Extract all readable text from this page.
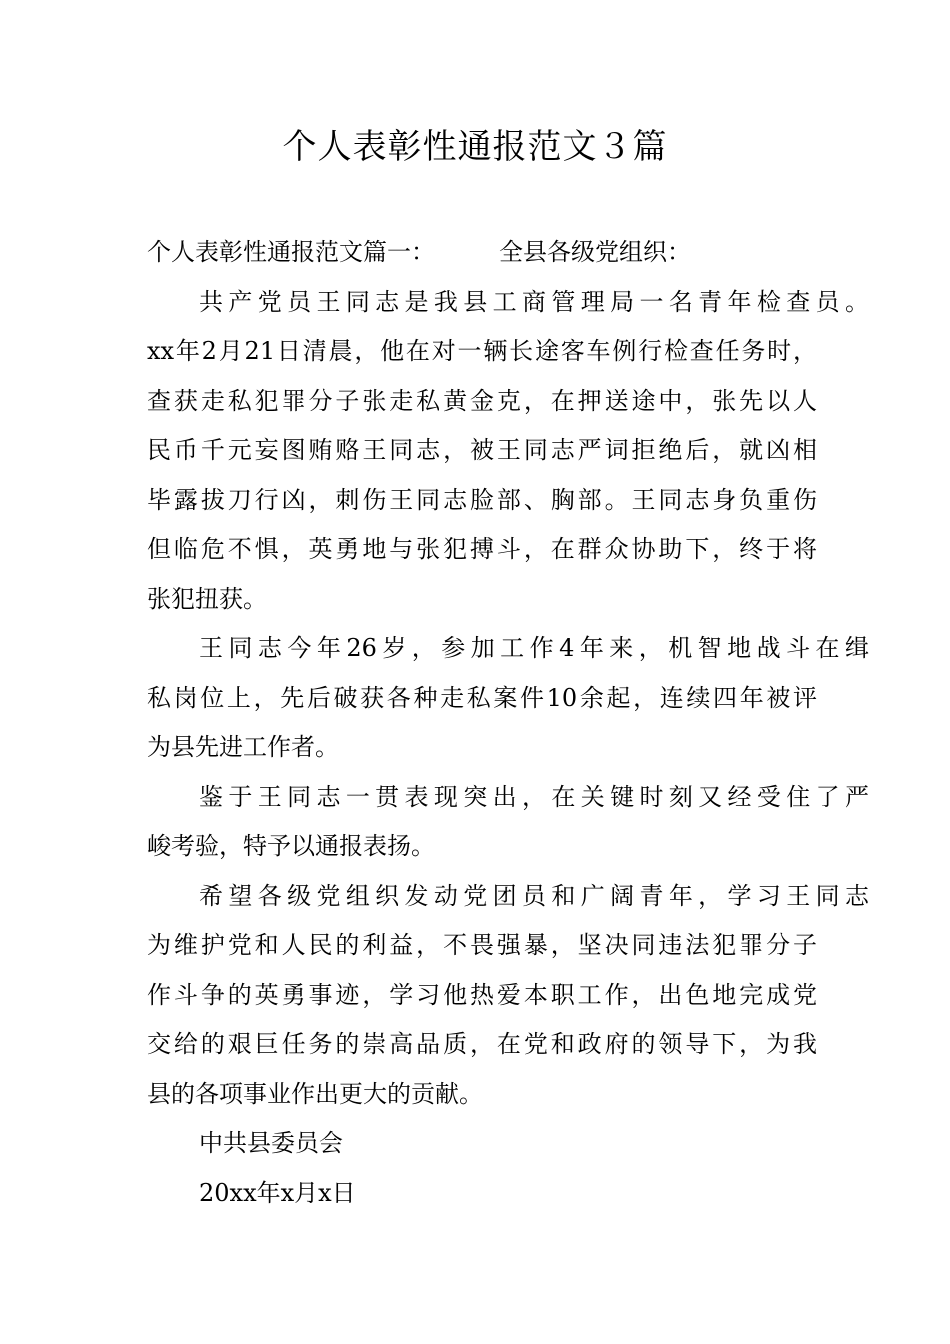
个人表彰性通报范文３篇
个人表彰性通报范文篇一：	全县各级党组织：
共产党员王同志是我县工商管理局一名青年检查员。
xx年2月21日清晨，他在对一辆长途客车例行检查任务时，
查获走私犯罪分子张走私黄金克，在押送途中，张先以人
民币千元妄图贿赂王同志，被王同志严词拒绝后，就凶相
毕露拔刀行凶，刺伤王同志脸部、胸部。王同志身负重伤
但临危不惧，英勇地与张犯搏斗，在群众协助下，终于将
张犯扭获。
王同志今年26岁，参加工作4年来，机智地战斗在缉
私岗位上，先后破获各种走私案件10余起，连续四年被评
为县先进工作者。
鉴于王同志一贯表现突出，在关键时刻又经受住了严
峻考验，特予以通报表扬。
希望各级党组织发动党团员和广阔青年，学习王同志
为维护党和人民的利益，不畏强暴，坚决同违法犯罪分子
作斗争的英勇事迹，学习他热爱本职工作，出色地完成党
交给的艰巨任务的崇高品质，在党和政府的领导下，为我
县的各项事业作出更大的贡献。
中共县委员会
20xx年x月x日
